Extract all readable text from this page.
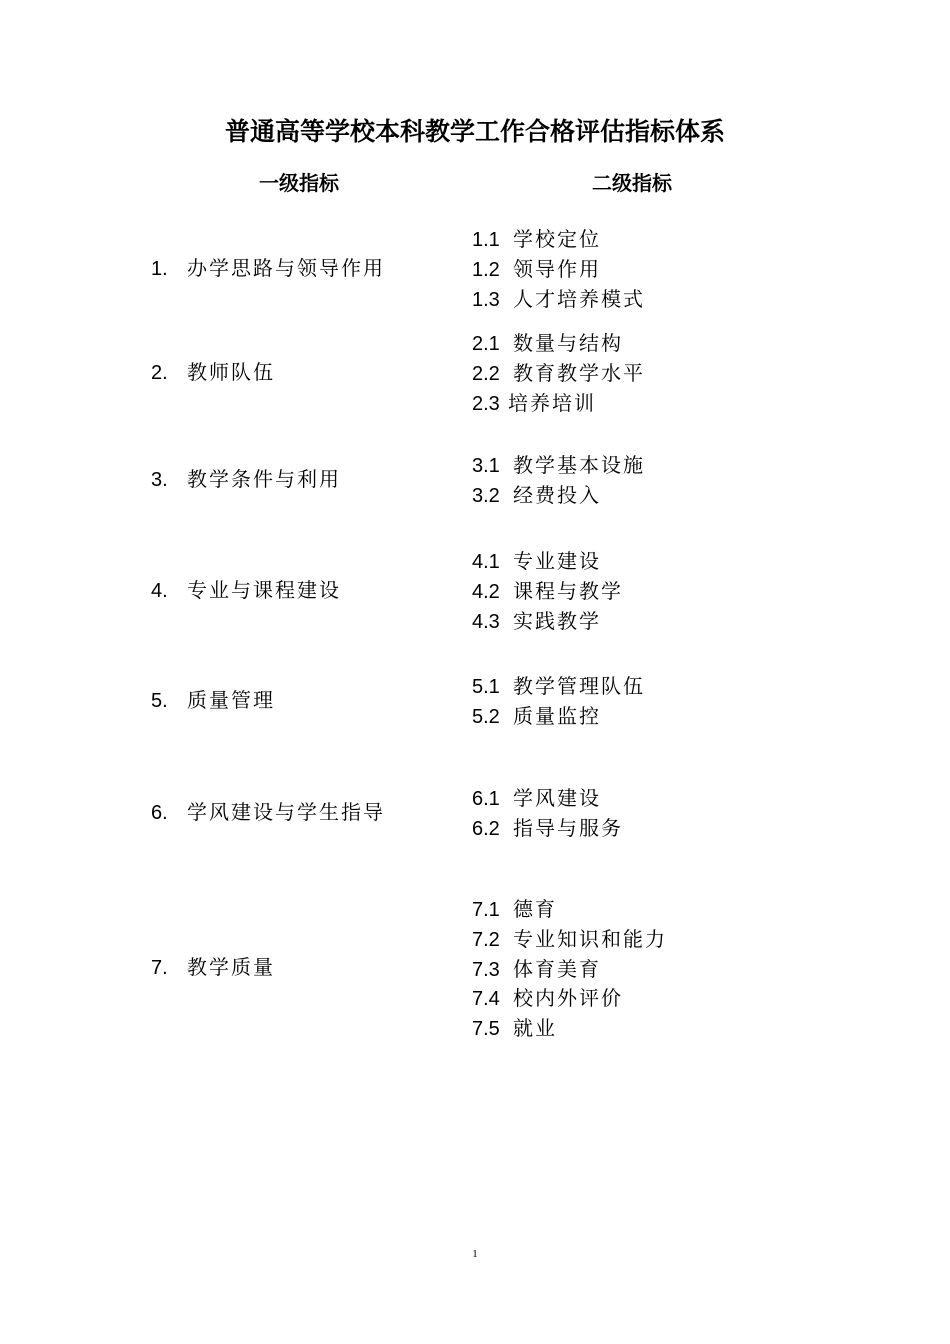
普通高等学校本科教学工作合格评估指标体系
一级指标	二级指标
1. 办学思路与领导作用
1.1 学校定位
1.2 领导作用
1.3 人才培养模式
2. 教师队伍
2.1 数量与结构
2.2 教育教学水平
2.3 培养培训
3. 教学条件与利用
3.1 教学基本设施
3.2 经费投入
4. 专业与课程建设
4.1 专业建设
4.2 课程与教学
4.3 实践教学
5. 质量管理
5.1 教学管理队伍
5.2 质量监控
6. 学风建设与学生指导
6.1 学风建设
6.2 指导与服务
7. 教学质量
7.1 德育
7.2 专业知识和能力
7.3 体育美育
7.4 校内外评价
7.5 就业
1
